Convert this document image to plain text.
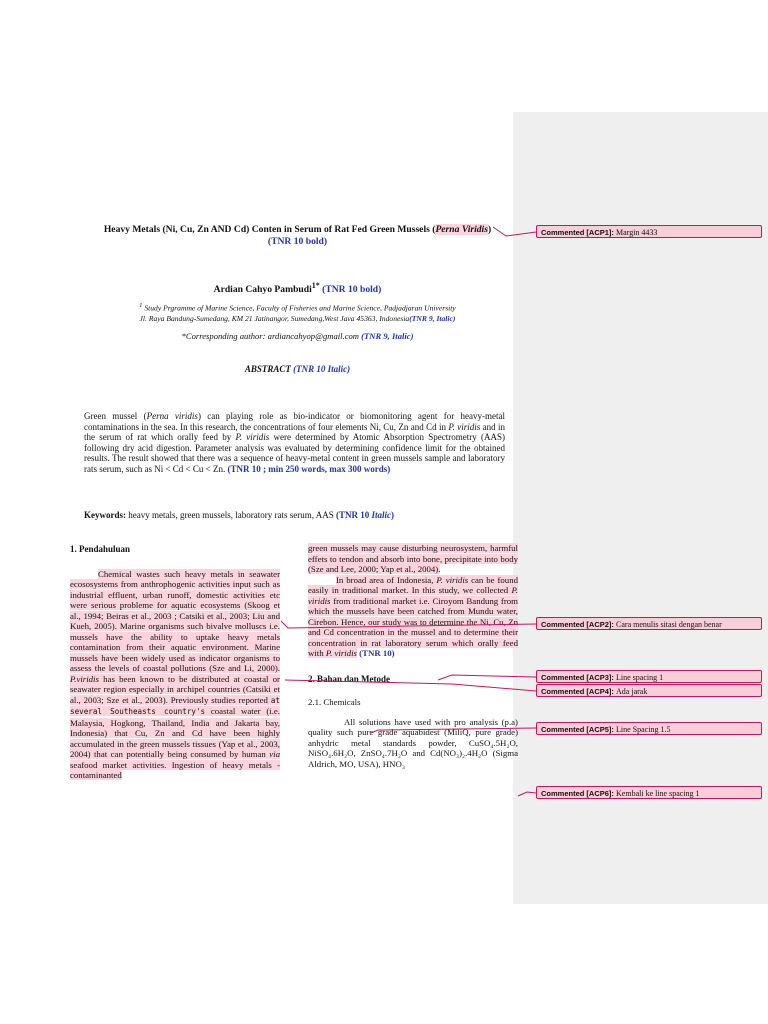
Heavy Metals (Ni, Cu, Zn AND Cd) Conten in Serum of Rat Fed Green Mussels (Perna Viridis)
(TNR 10 bold)
Ardian Cahyo Pambudi$^{1*}$ (TNR 10 bold)
$^1$ Study Prgramme of Marine Science, Faculty of Fisheries and Marine Science, Padjadjaran University
Jl. Raya Bandung-Sumedang, KM 21 Jatinangor, Sumedang,West Java 45363, Indonesia(TNR 9, Italic)
*Corresponding author: ardiancahyop@gmail.com (TNR 9, Italic)
ABSTRACT (TNR 10 Italic)
Green mussel (Perna viridis) can playing role as bio-indicator or biomonitoring agent for heavy-metal contaminations in the sea. In this research, the concentrations of four elements Ni, Cu, Zn and Cd in P. viridis and in the serum of rat which orally feed by P. viridis were determined by Atomic Absorption Spectrometry (AAS) following dry acid digestion. Parameter analysis was evaluated by determining confidence limit for the obtained results. The result showed that there was a sequence of heavy-metal content in green mussels sample and laboratory rats serum, such as Ni < Cd < Cu < Zn. (TNR 10 ; min 250 words, max 300 words)
Keywords: heavy metals, green mussels, laboratory rats serum, AAS (TNR 10 Italic)
1. Pendahuluan
Chemical wastes such heavy metals in seawater ecososystems from anthrophogenic activities input such as industrial effluent, urban runoff, domestic activities etc were serious probleme for aquatic ecosystems (Skoog et al., 1994; Beiras et al., 2003 ; Catsiki et al., 2003; Liu and Kueh, 2005). Marine organisms such bivalve molluscs i.e. mussels have the ability to uptake heavy metals contamination from their aquatic environment. Marine mussels have been widely used as indicator organisms to assess the levels of coastal pollutions (Sze and Li, 2000). P.viridis has been known to be distributed at coastal or seawater region especially in archipel countries (Catsiki et al., 2003; Sze et al., 2003). Previously studies reported at several Southeasts country's coastal water (i.e. Malaysia, Hogkong, Thailand, India and Jakarta bay, Indonesia) that Cu, Zn and Cd have been highly accumulated in the green mussels tissues (Yap et al., 2003, 2004) that can potentially being consumed by human via seafood market activities. Ingestion of heavy metals -contaminanted
green mussels may cause disturbing neurosystem, harmful effets to tendon and absorb into bone, precipitate into body (Sze and Lee, 2000; Yap et al., 2004).
In broad area of Indonesia, P. viridis can be found easily in traditional market. In this study, we collected P. viridis from traditional market i.e. Ciroyom Bandung from which the mussels have been catched from Mundu water, Cirebon. Hence, our study was to determine the Ni, Cu, Zn and Cd concentration in the mussel and to determine their concentration in rat laboratory serum which orally feed with P. viridis (TNR 10)
2. Bahan dan Metode
2.1. Chemicals
All solutions have used with pro analysis (p.a) quality such pure grade aquabidest (MiliQ, pure grade) anhydric metal standards powder, CuSO₄.5H₂O, NiSO₄.6H₂O, ZnSO₄.7H₂O and Cd(NO₃)₂.4H₂O (Sigma Aldrich, MO, USA), HNO₃
Commented [ACP1]: Margin 4433
Commented [ACP2]: Cara menulis sitasi dengan benar
Commented [ACP3]: Line spacing 1
Commented [ACP4]: Ada jarak
Commented [ACP5]: Line Spacing 1.5
Commented [ACP6]: Kembali ke line spacing 1
